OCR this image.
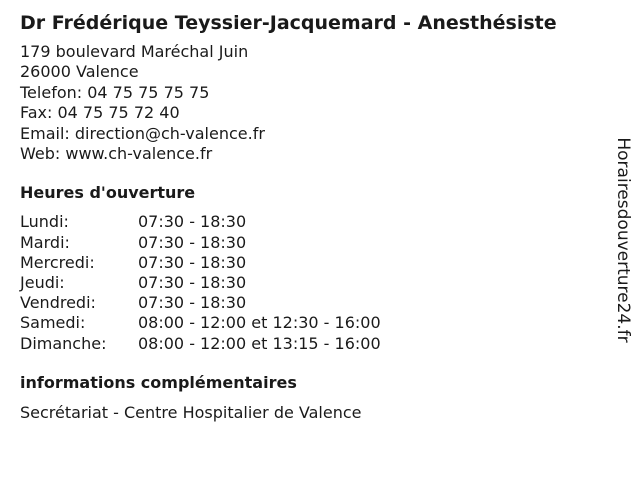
Dr Frédérique Teyssier-Jacquemard - Anesthésiste
179 boulevard Maréchal Juin
26000 Valence
Telefon: 04 75 75 75 75
Fax: 04 75 75 72 40
Email: direction@ch-valence.fr
Web: www.ch-valence.fr
Heures d'ouverture
Lundi:	07:30 - 18:30
Mardi:	07:30 - 18:30
Mercredi:	07:30 - 18:30
Jeudi:	07:30 - 18:30
Vendredi:	07:30 - 18:30
Samedi:	08:00 - 12:00 et 12:30 - 16:00
Dimanche:	08:00 - 12:00 et 13:15 - 16:00
informations complémentaires
Secrétariat - Centre Hospitalier de Valence
Horairesdouverture24.fr
